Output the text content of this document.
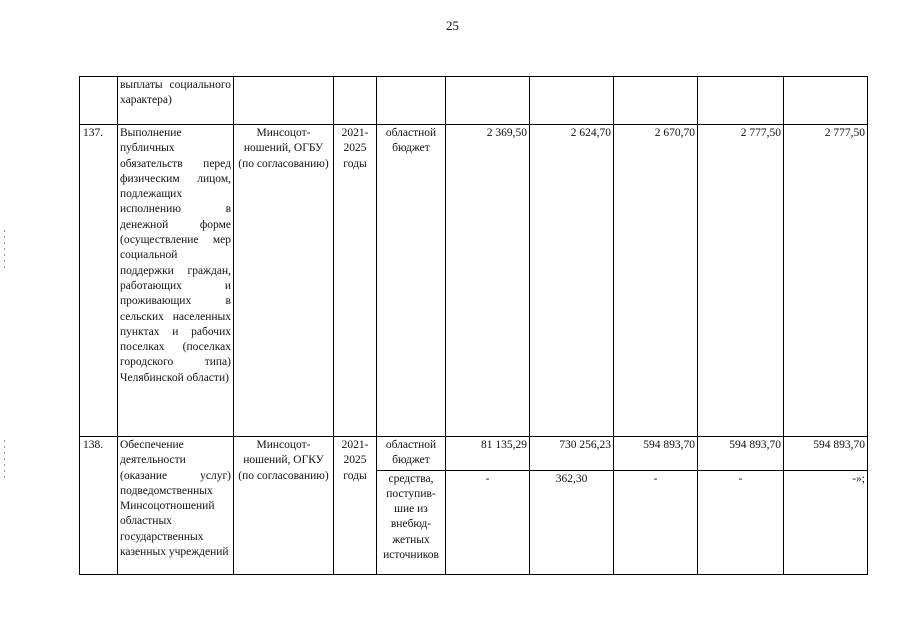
25
	выплаты социального характера)								
137.	Выполнение публичных обязательств перед физическим лицом, подлежащих исполнению в денежной форме (осуществление мер социальной поддержки граждан, работающих и проживающих в сельских населенных пунктах и рабочих поселках (поселках городского типа) Челябинской области)	Минсоцот-ношений, ОГБУ (по согласованию)	2021-2025 годы	областной бюджет	2 369,50	2 624,70	2 670,70	2 777,50	2 777,50
138.	Обеспечение деятельности (оказание услуг) подведомственных Минсоцотношений областных государственных казенных учреждений	Минсоцот-ношений, ОГКУ (по согласованию)	2021-2025 годы	областной бюджет	81 135,29	730 256,23	594 893,70	594 893,70	594 893,70
				средства, поступив-шие из внебюд-жетных источников	-	362,30	-	-	-»;
